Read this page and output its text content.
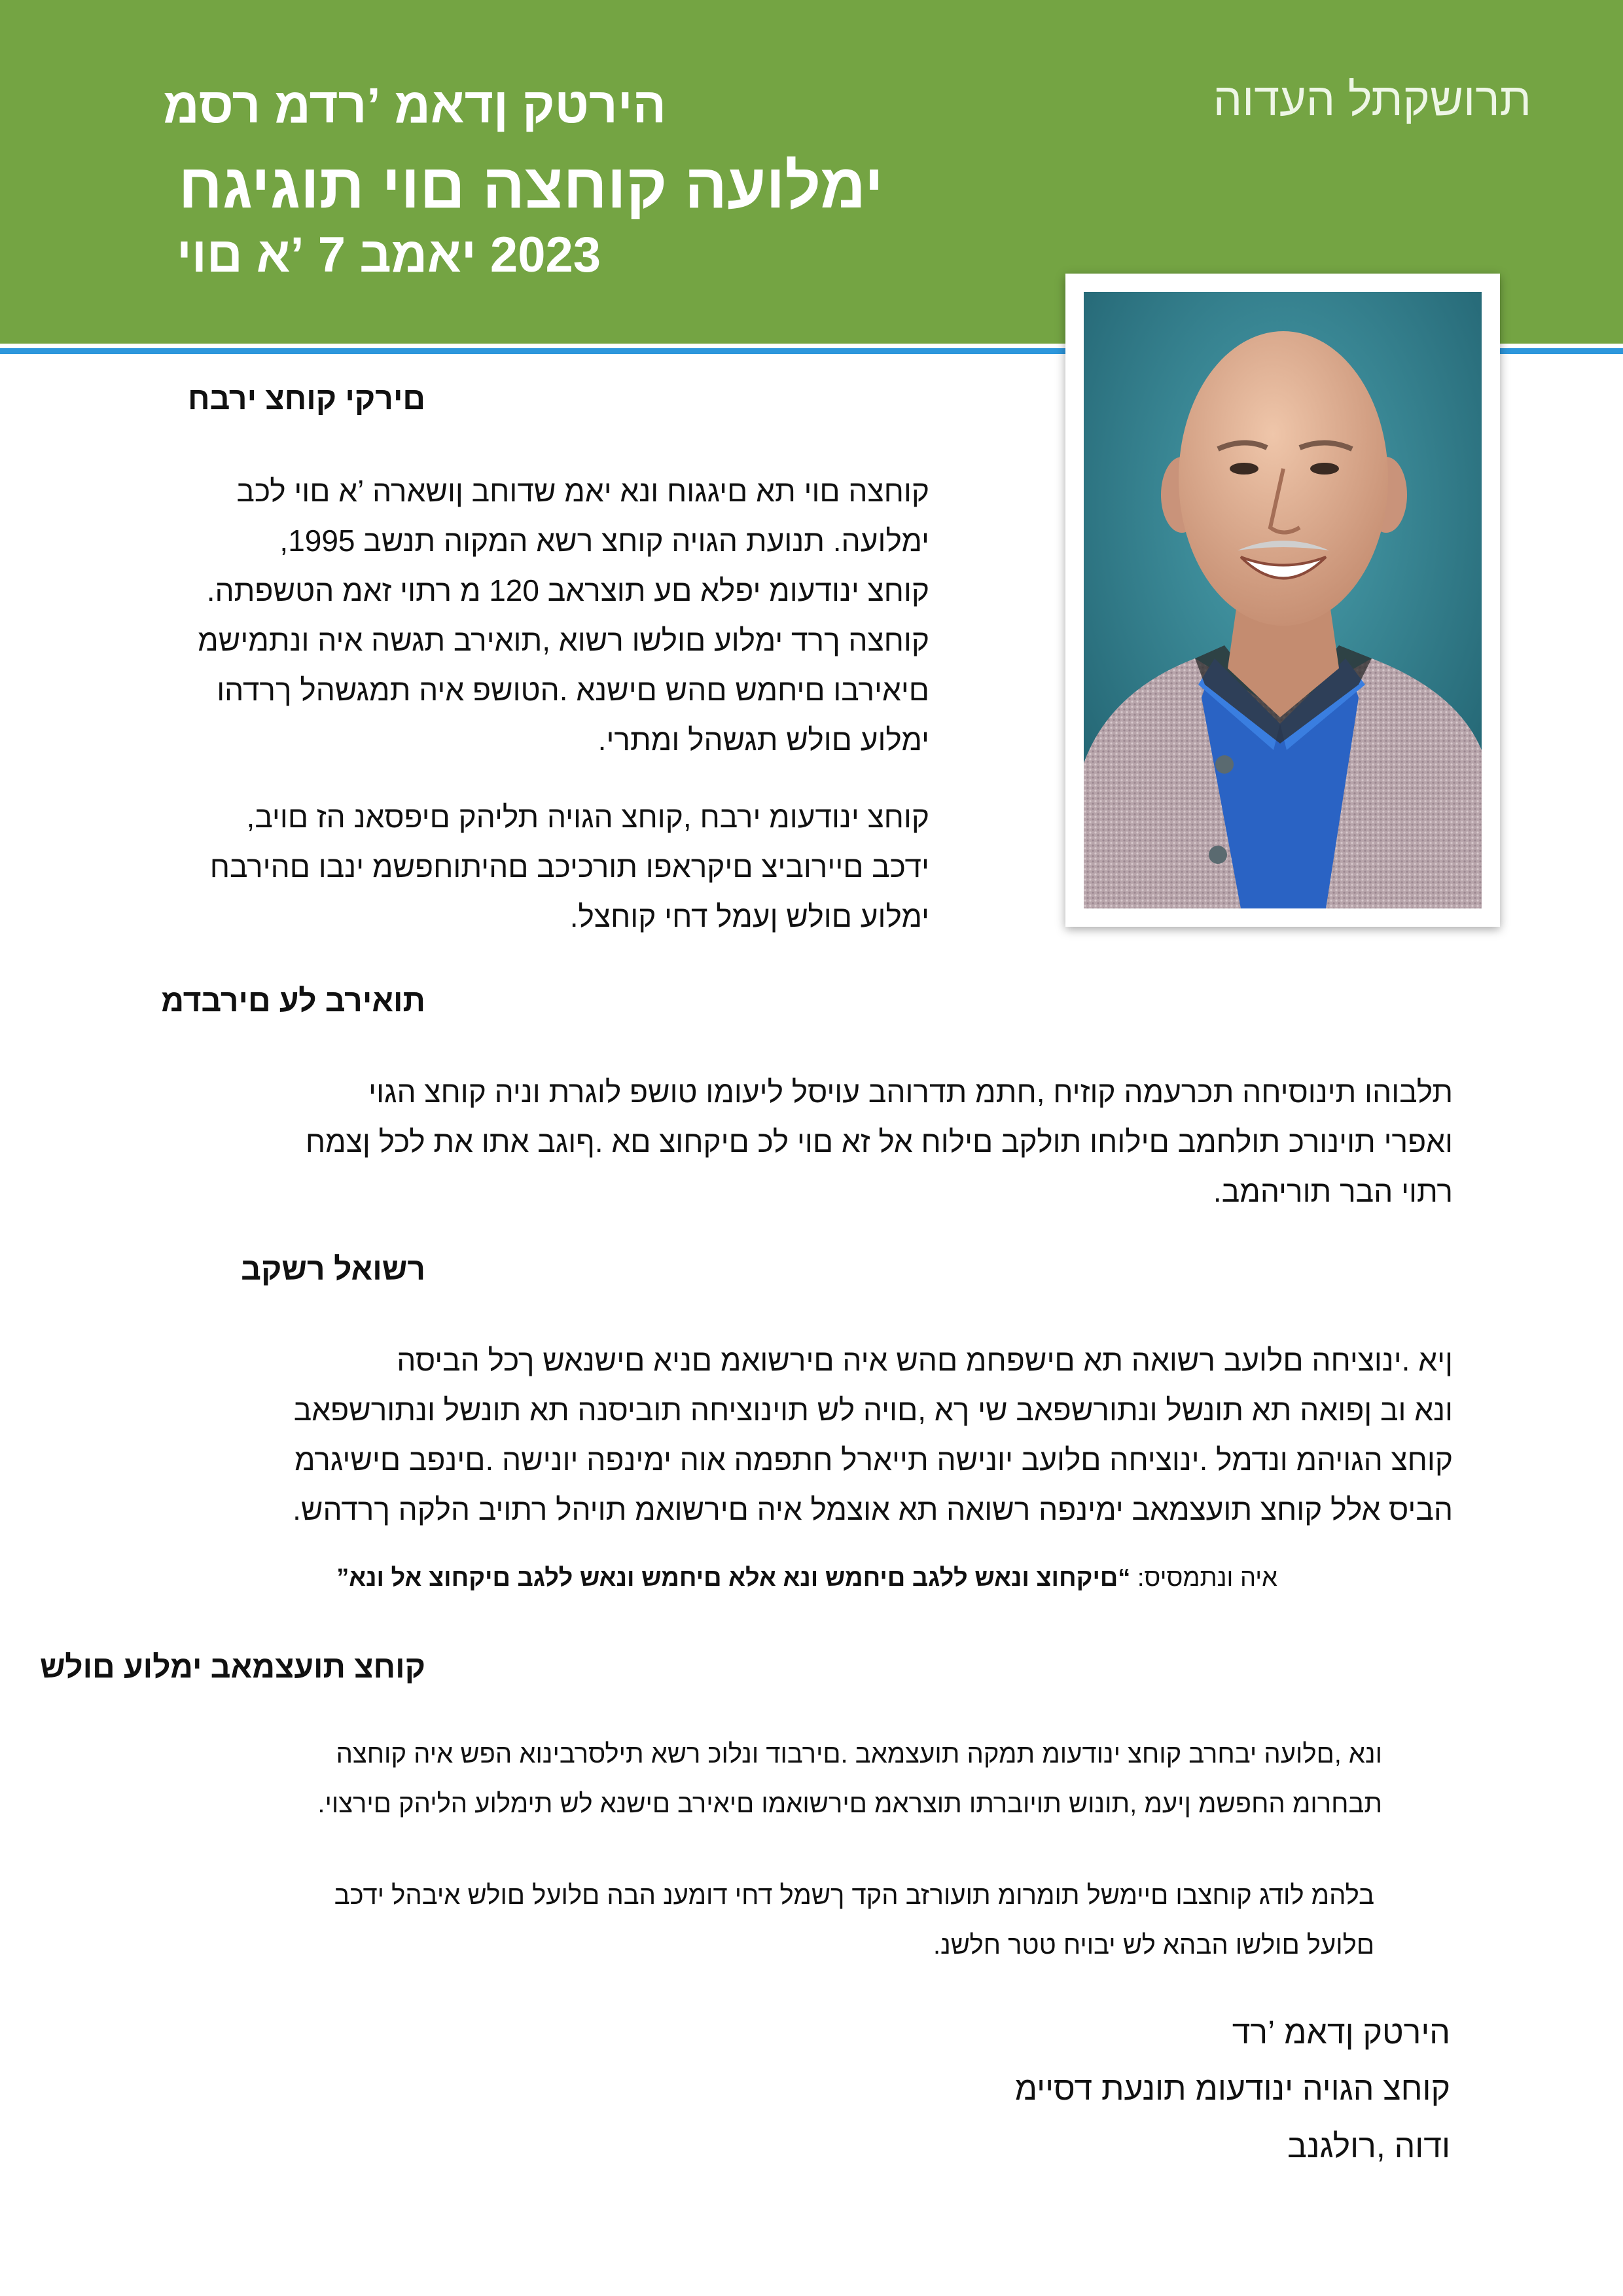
תרושקתל העדוה
הירטק ןדאמ ’רדמ רסמ
ימלועה קוחצה םוי תוגיגח
2023 יאמב 7 ’א םוי
םירקי קוחצ ירבח
קוחצה םוי תא םיגגוח ונא יאמ שדוחב ןושארה ’א םוי לכב
ימלועה. תנועת הגויה קוחצ רשא המקוה תנשב 1995,
קוחצ ינודעומ יפלא םע תוצראב 120 מ רתוי זאמ הטשפתה.
קוחצה ךרד ימלוע םולשו רשוא ,תואירב תגשה איה ונתמישמ
םיאירבו םיחמש םהש םישנא .הטושפ איה תמגשהל ךרדהו
ימלוע םולש תגשהל ומתרי.
קוחצ ינודעומ ירבח ,קוחצ הגויה תליהק םיפסאנ הז םויב,
ידכב םיירוביצ םיקראפו תורכיכב םהיתוחפשמ ינבו םהירבח
ימלוע םולש ןעמל דחי קוחצל.
תואירב לע םירבדמ
תלבוהו תינוסיחה תכרעמה קוזיח ,חתמ תדרוהב עויסל ליעומו טושפ לוגרת וניה קוחצ הגוי
ואפרי תוינורכ תולחמב םילוחו תולקב םילוח אל זא םוי לכ םיקחוצ םא .ףוגב אתו את לכל ןצמח
רתוי הבר תוריהמב.
רשואל רשקב
ןיא .ינוציחה םלועב רשואה תא םישפחמ םהש איה םירשואמ םניא םישנאש ךכל הביסה
ונא וב ןפואה תא תונשל ונתורשפאב שי ךא ,םויה לש תוינוציחה תוביסנה תא תונשל ונתורשפאב
קוחצ הגויהמ ונדמל .ינוציחה םלועב יונישה תייארל חתפמה אוה ימינפה יונישה .םינפב םישיגרמ
הביס אלל קוחצ תועצמאב ימינפה רשואה תא אוצמל איה םירשואמ תויהל רתויב הלקה ךרדהש.
איה ונתמסיס: “םיקחוצ ונאש ללגב םיחמש ונא אלא םיחמש ונאש ללגב םיקחוצ אל ונא”
קוחצ תועצמאב ימלוע םולש
ונא ,םלועה יבחרב קוחצ ינודעומ תמקה תועצמאב .םירבוד ונלוכ רשא תילסרבינוא הפש איה קוחצה
תבחרומ החפשמ ןיעמ ,תונוש תויוברתו תוצראמ םירשואמו םיאירב םישנא לש תימלוע הליהק םירצוי.
בלהמ לודג קוחצבו םיימשל תומרומ תועורזב הקד ךשמל דחי דומענ הבה םלועל םולש איבהל ידכב
םלועל םולשו הבהא לש יבויח טטר חלשנ.
הירטק ןדאמ ’רד
קוחצ הגויה ינודעומ תונעת דסיימ
ודוה ,רולגנב
